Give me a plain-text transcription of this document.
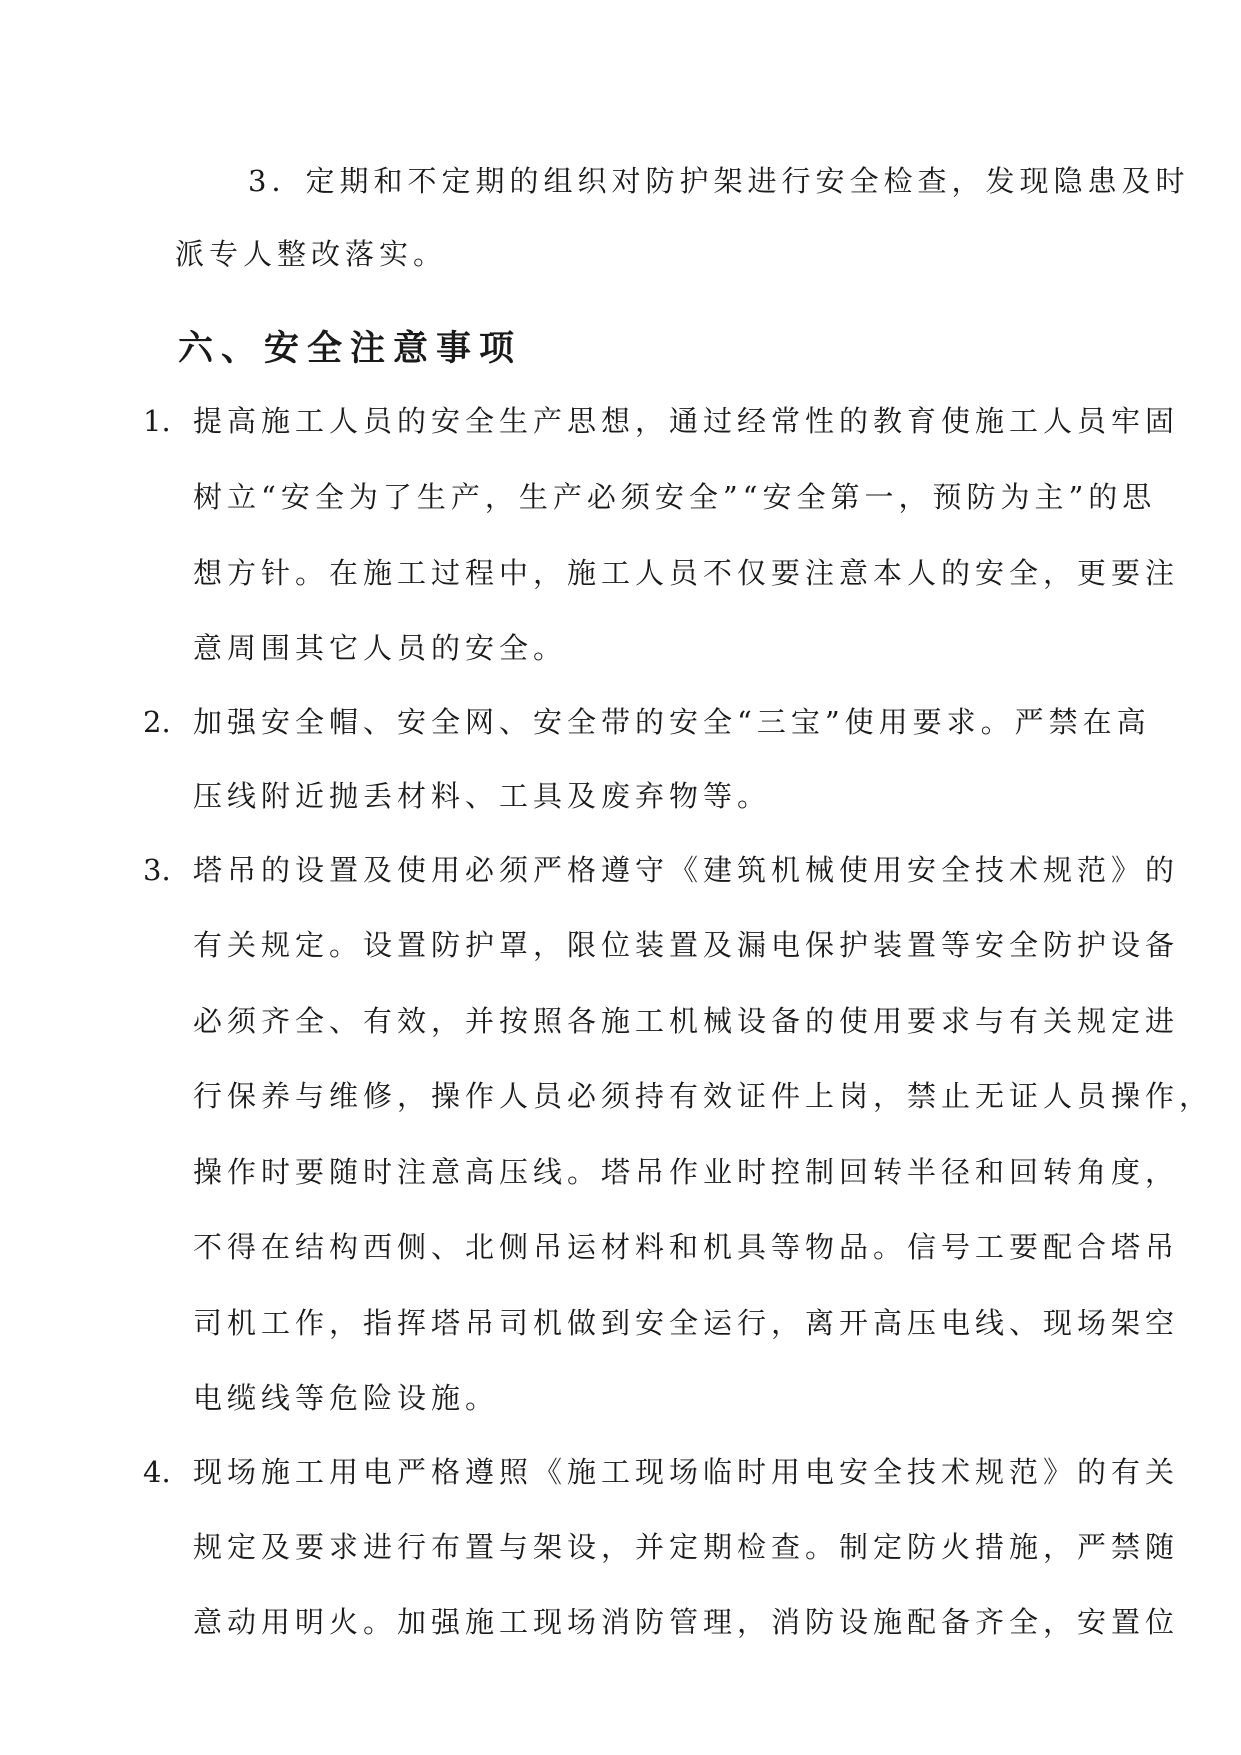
3．定期和不定期的组织对防护架进行安全检查，发现隐患及时

派专人整改落实。

六、安全注意事项
1. 提高施工人员的安全生产思想，通过经常性的教育使施工人员牢固

树立“安全为了生产，生产必须安全”“安全第一，预防为主”的思

想方针。在施工过程中，施工人员不仅要注意本人的安全，更要注

意周围其它人员的安全。

2. 加强安全帽、安全网、安全带的安全“三宝”使用要求。严禁在高

压线附近抛丢材料、工具及废弃物等。

3. 塔吊的设置及使用必须严格遵守《建筑机械使用安全技术规范》的

有关规定。设置防护罩，限位装置及漏电保护装置等安全防护设备

必须齐全、有效，并按照各施工机械设备的使用要求与有关规定进

行保养与维修，操作人员必须持有效证件上岗，禁止无证人员操作，

操作时要随时注意高压线。塔吊作业时控制回转半径和回转角度，

不得在结构西侧、北侧吊运材料和机具等物品。信号工要配合塔吊

司机工作，指挥塔吊司机做到安全运行，离开高压电线、现场架空

电缆线等危险设施。

4. 现场施工用电严格遵照《施工现场临时用电安全技术规范》的有关

规定及要求进行布置与架设，并定期检查。制定防火措施，严禁随

意动用明火。加强施工现场消防管理，消防设施配备齐全，安置位
